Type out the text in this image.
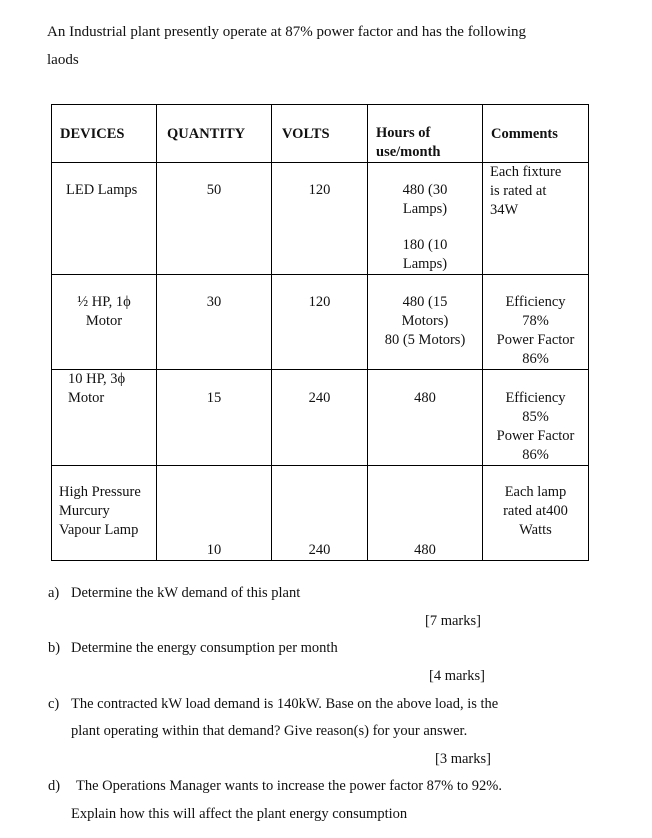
An Industrial plant presently operate at 87% power factor and has the following
laods
DEVICES	QUANTITY	VOLTS	Hours of use/month	Comments

LED Lamps	50	120	480 (30
Lamps)
180 (10
Lamps)	Each fixture
is rated at
34W

½ HP, 1ϕ
Motor	30	120	480 (15
Motors)
80 (5 Motors)	Efficiency
78%
Power Factor
86%

10 HP, 3ϕ
Motor	15	240	480	Efficiency
85%
Power Factor
86%

High Pressure
Murcury
Vapour Lamp	10	240	480	Each lamp
rated at400
Watts
a) Determine the kW demand of this plant
[7 marks]
b) Determine the energy consumption per month
[4 marks]
c) The contracted kW load demand is 140kW. Base on the above load, is the
plant operating within that demand? Give reason(s) for your answer.
[3 marks]
d) The Operations Manager wants to increase the power factor 87% to 92%.
Explain how this will affect the plant energy consumption
